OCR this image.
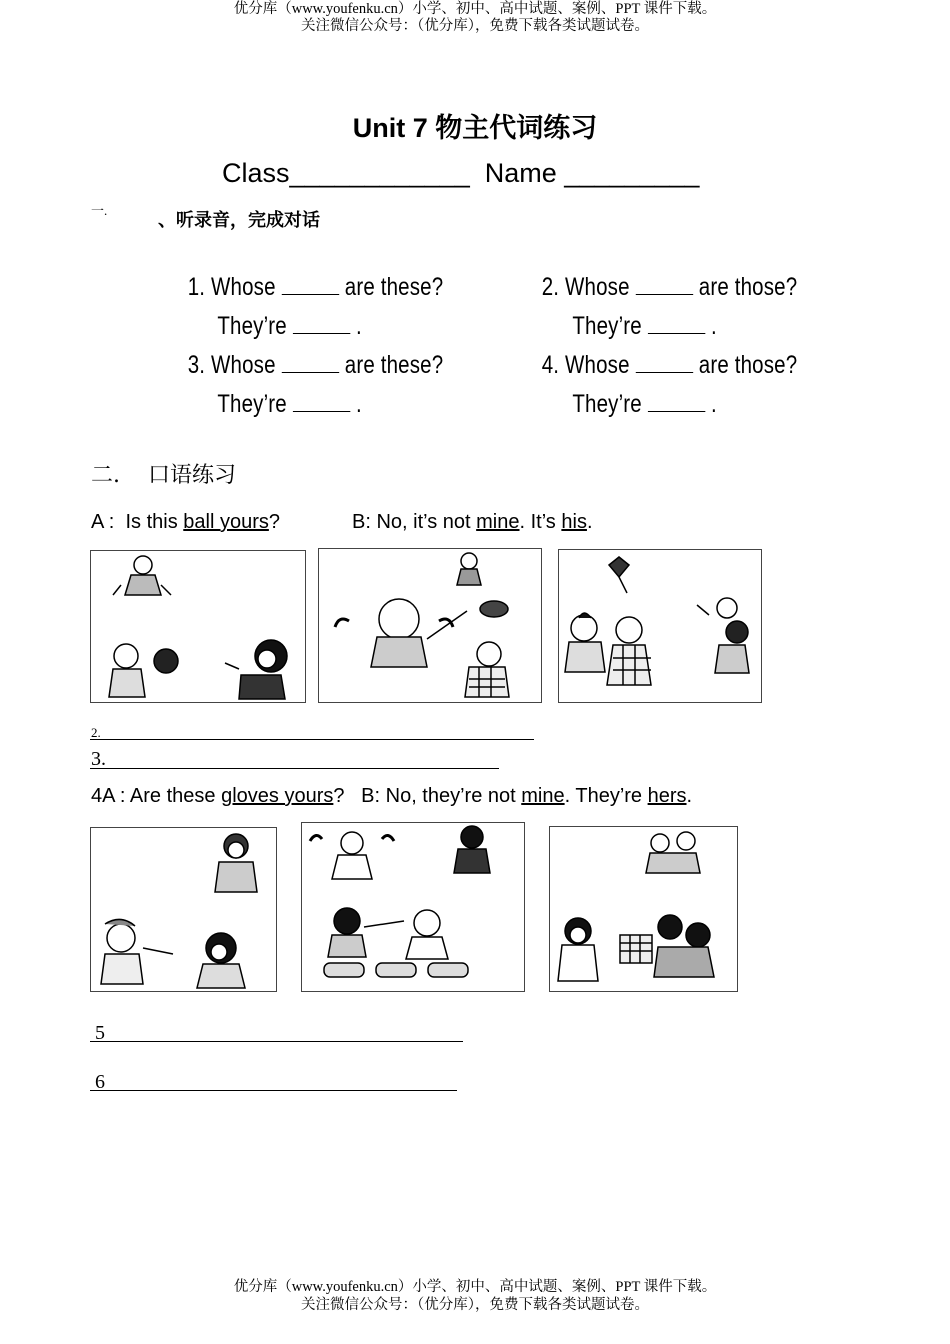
优分库（www.youfenku.cn）小学、初中、高中试题、案例、PPT 课件下载。
关注微信公众号：（优分库），免费下载各类试题试卷。
Unit 7 物主代词练习
Class____________  Name _________
一.	、听录音，完成对话

1. Whose	are these?

They’re	.

2. Whose	are those?

They’re	.

3. Whose	are these?

They’re	.

4. Whose	are those?

They’re	.

二.    口语练习
A :  Is this ball yours?	B: No, it’s not mine. It’s his.
2.
3.
4A : Are these gloves yours?   B: No, they’re not mine. They’re hers.
5
6
优分库（www.youfenku.cn）小学、初中、高中试题、案例、PPT 课件下载。
关注微信公众号：（优分库），免费下载各类试题试卷。
